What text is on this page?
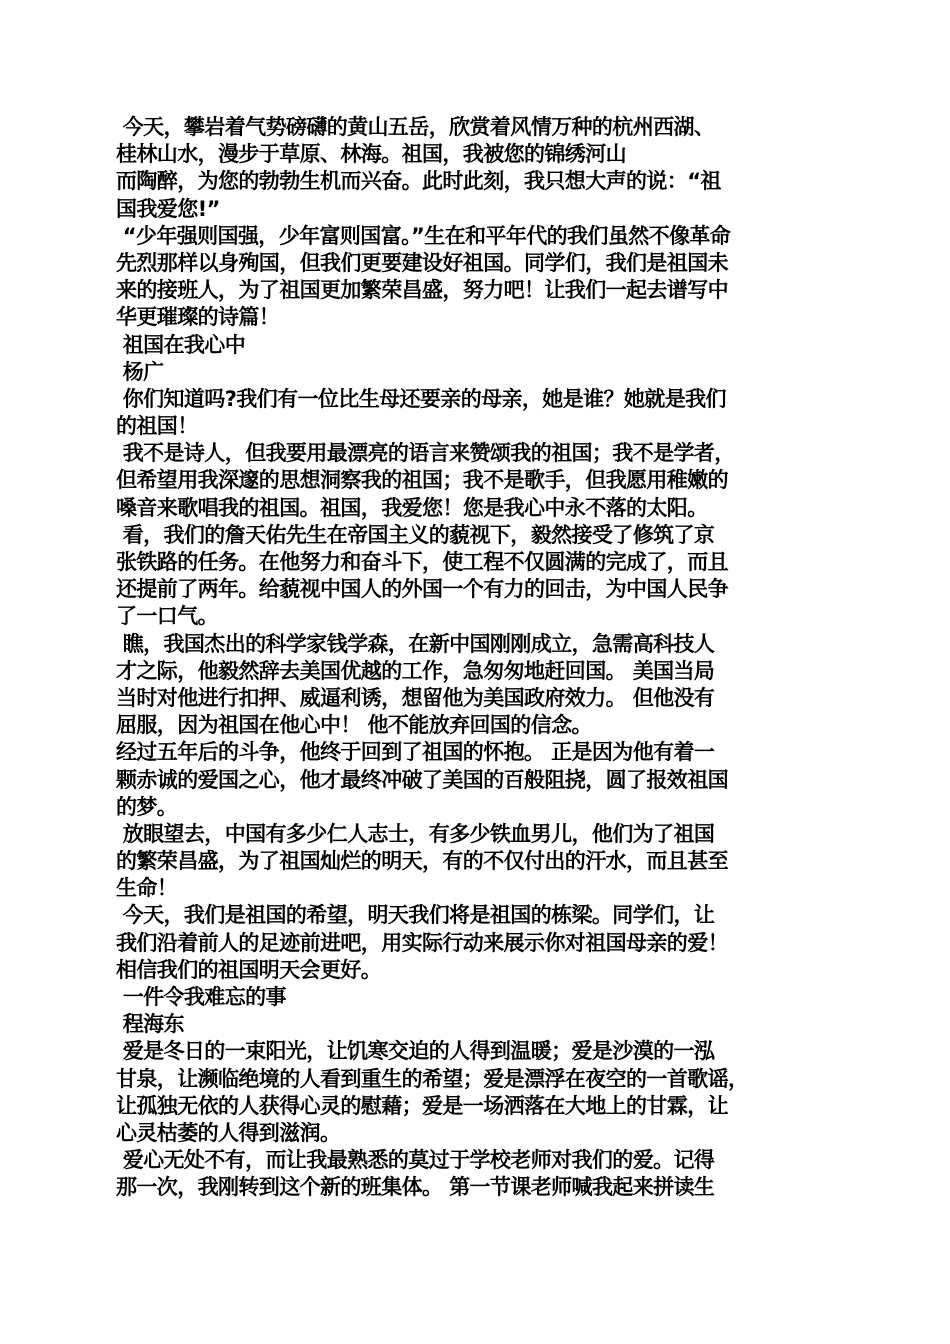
今天，攀岩着气势磅礴的黄山五岳，欣赏着风情万种的杭州西湖、
桂林山水，漫步于草原、林海。祖国，我被您的锦绣河山
而陶醉，为您的勃勃生机而兴奋。此时此刻，我只想大声的说：“祖
国我爱您!”
“少年强则国强，少年富则国富。”生在和平年代的我们虽然不像革命
先烈那样以身殉国，但我们更要建设好祖国。同学们，我们是祖国未
来的接班人，为了祖国更加繁荣昌盛，努力吧！让我们一起去谱写中
华更璀璨的诗篇！
祖国在我心中
杨广
你们知道吗?我们有一位比生母还要亲的母亲，她是谁？她就是我们
的祖国！
我不是诗人，但我要用最漂亮的语言来赞颂我的祖国；我不是学者，
但希望用我深邃的思想洞察我的祖国；我不是歌手，但我愿用稚嫩的
嗓音来歌唱我的祖国。祖国，我爱您！您是我心中永不落的太阳。
看，我们的詹天佑先生在帝国主义的藐视下，毅然接受了修筑了京
张铁路的任务。在他努力和奋斗下，使工程不仅圆满的完成了，而且
还提前了两年。给藐视中国人的外国一个有力的回击，为中国人民争
了一口气。
瞧，我国杰出的科学家钱学森，在新中国刚刚成立，急需高科技人
才之际，他毅然辞去美国优越的工作，急匆匆地赶回国。 美国当局
当时对他进行扣押、威逼利诱，想留他为美国政府效力。 但他没有
屈服，因为祖国在他心中！ 他不能放弃回国的信念。
经过五年后的斗争，他终于回到了祖国的怀抱。 正是因为他有着一
颗赤诚的爱国之心，他才最终冲破了美国的百般阻挠，圆了报效祖国
的梦。
放眼望去，中国有多少仁人志士，有多少铁血男儿，他们为了祖国
的繁荣昌盛，为了祖国灿烂的明天，有的不仅付出的汗水，而且甚至
生命！
今天，我们是祖国的希望，明天我们将是祖国的栋梁。同学们，让
我们沿着前人的足迹前进吧，用实际行动来展示你对祖国母亲的爱！
相信我们的祖国明天会更好。
一件令我难忘的事
程海东
爱是冬日的一束阳光，让饥寒交迫的人得到温暖；爱是沙漠的一泓
甘泉，让濒临绝境的人看到重生的希望；爱是漂浮在夜空的一首歌谣，
让孤独无依的人获得心灵的慰藉；爱是一场洒落在大地上的甘霖，让
心灵枯萎的人得到滋润。
爱心无处不有，而让我最熟悉的莫过于学校老师对我们的爱。记得
那一次，我刚转到这个新的班集体。 第一节课老师喊我起来拼读生
